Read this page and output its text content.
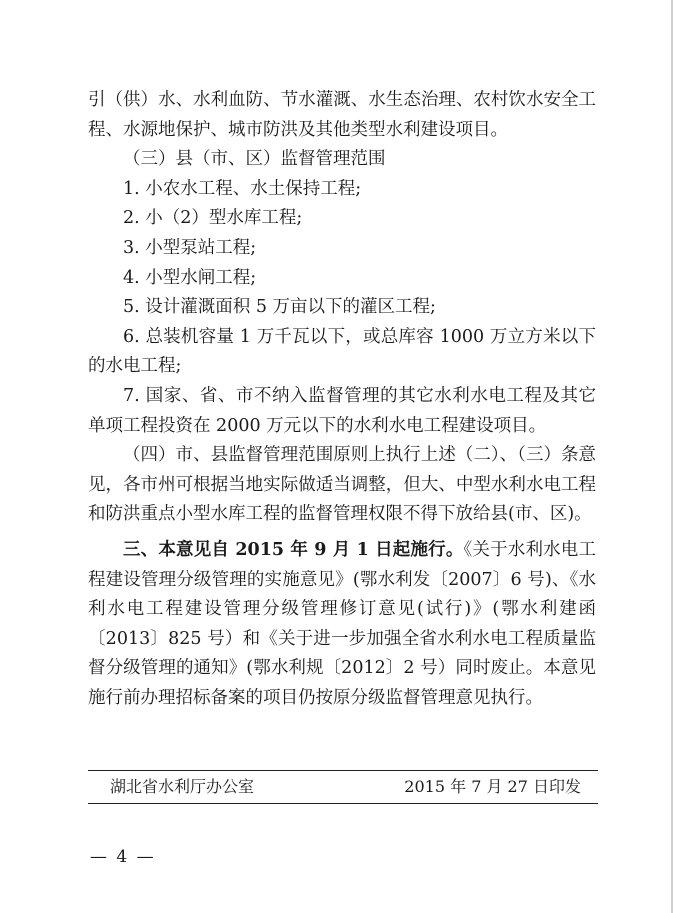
引（供）水、水利血防、节水灌溉、水生态治理、农村饮水安全工程、水源地保护、城市防洪及其他类型水利建设项目。

（三）县（市、区）监督管理范围

1. 小农水工程、水土保持工程;

2. 小（2）型水库工程;

3. 小型泵站工程;

4. 小型水闸工程;

5. 设计灌溉面积 5 万亩以下的灌区工程;

6. 总装机容量 1 万千瓦以下，或总库容 1000 万立方米以下的水电工程;

7. 国家、省、市不纳入监督管理的其它水利水电工程及其它单项工程投资在 2000 万元以下的水利水电工程建设项目。

（四）市、县监督管理范围原则上执行上述（二）、（三）条意见，各市州可根据当地实际做适当调整，但大、中型水利水电工程和防洪重点小型水库工程的监督管理权限不得下放给县(市、区)。

三、本意见自 2015 年 9 月 1 日起施行。《关于水利水电工程建设管理分级管理的实施意见》(鄂水利发〔2007〕6 号)、《水利水电工程建设管理分级管理修订意见(试行)》(鄂水利建函〔2013〕825 号）和《关于进一步加强全省水利水电工程质量监督分级管理的通知》(鄂水利规〔2012〕2 号）同时废止。本意见施行前办理招标备案的项目仍按原分级监督管理意见执行。

湖北省水利厅办公室	2015 年 7 月 27 日印发
— 4 —
